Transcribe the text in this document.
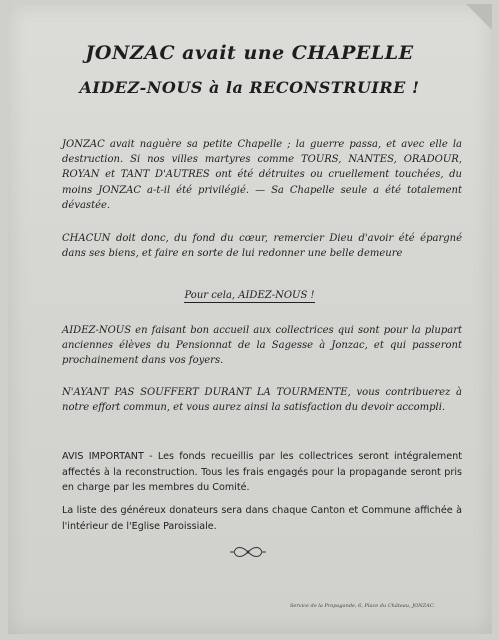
JONZAC avait une CHAPELLE
AIDEZ-NOUS à la RECONSTRUIRE !
JONZAC avait naguère sa petite Chapelle ; la guerre passa, et avec elle la destruction. Si nos villes martyres comme TOURS, NANTES, ORADOUR, ROYAN et TANT D'AUTRES ont été détruites ou cruellement touchées, du moins JONZAC a-t-il été privilégié. — Sa Chapelle seule a été totalement dévastée.
CHACUN doit donc, du fond du cœur, remercier Dieu d'avoir été épargné dans ses biens, et faire en sorte de lui redonner une belle demeure
Pour cela, AIDEZ-NOUS !
AIDEZ-NOUS en faisant bon accueil aux collectrices qui sont pour la plupart anciennes élèves du Pensionnat de la Sagesse à Jonzac, et qui passeront prochainement dans vos foyers.
N'AYANT PAS SOUFFERT DURANT LA TOURMENTE, vous contribuerez à notre effort commun, et vous aurez ainsi la satisfaction du devoir accompli.
AVIS IMPORTANT - Les fonds recueillis par les collectrices seront intégralement affectés à la reconstruction. Tous les frais engagés pour la propagande seront pris en charge par les membres du Comité.
La liste des généreux donateurs sera dans chaque Canton et Commune affichée à l'intérieur de l'Eglise Paroissiale.
Service de la Propagande, 6, Place du Château, JONZAC.
